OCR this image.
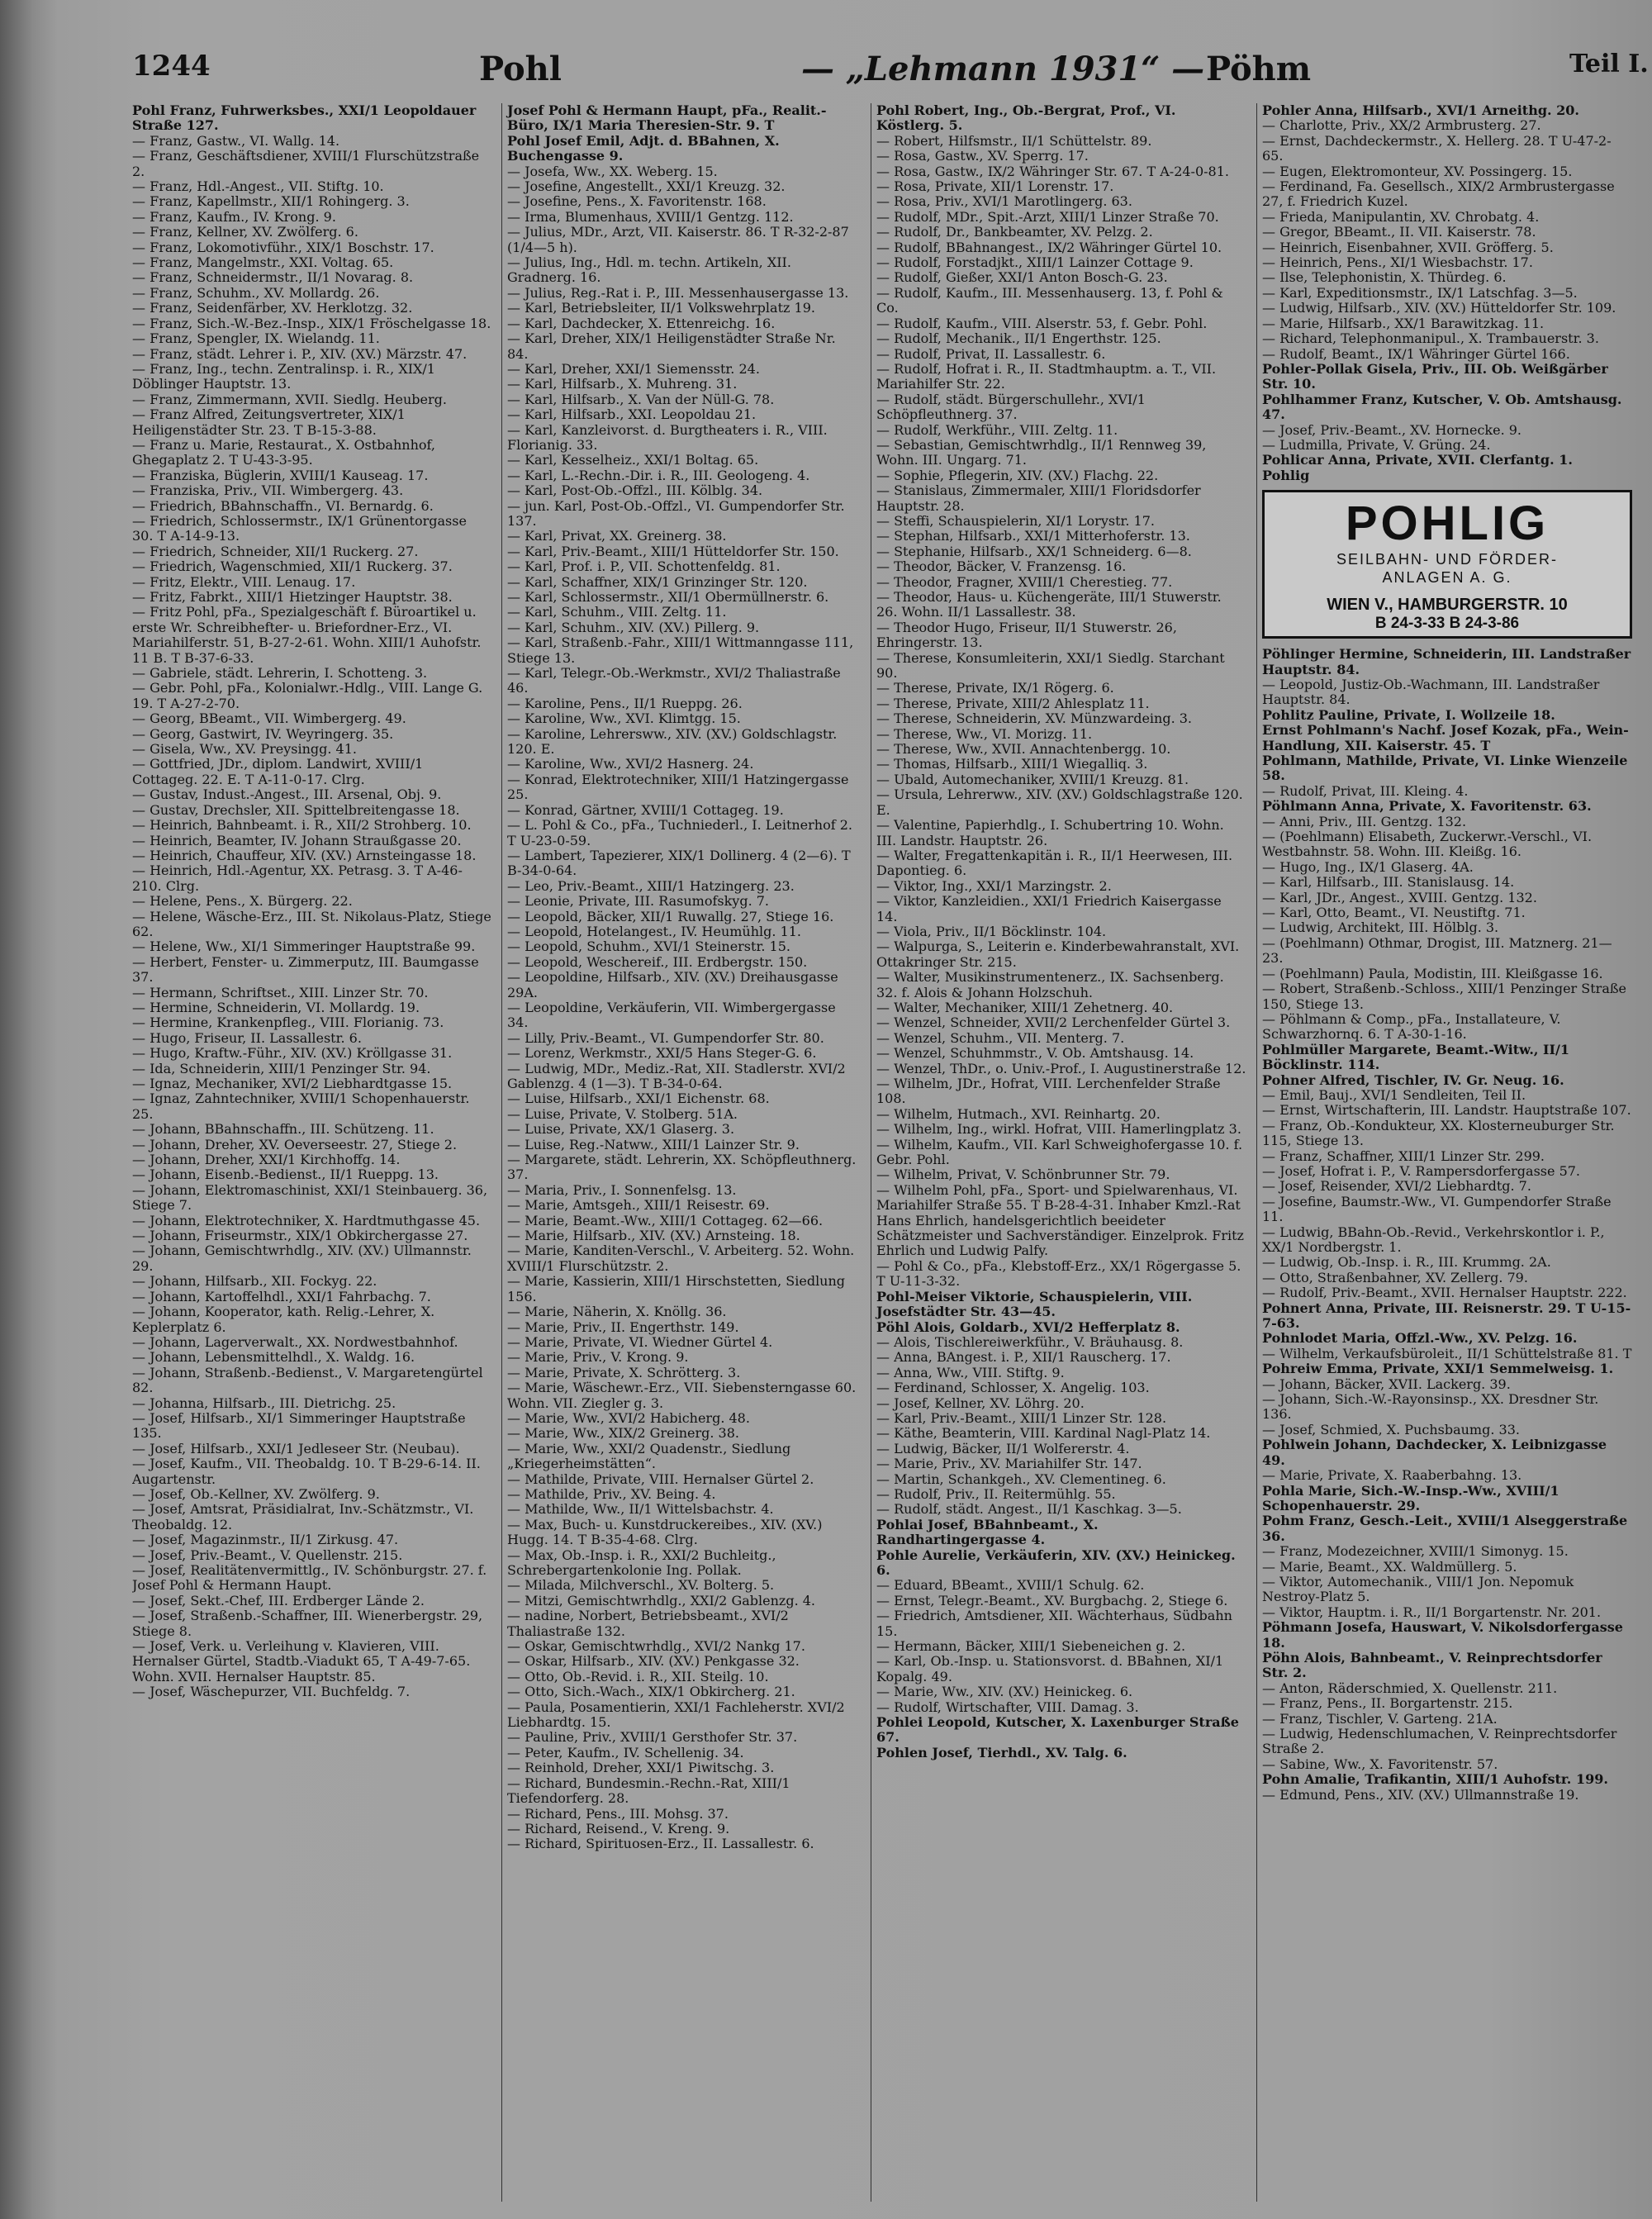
1244	Pohl	— „Lehmann 1931“ — Pöhm	Teil I.

Pohl Franz, Fuhrwerksbes., XXI/1 Leopoldauer Straße 127.

— Franz, Gastw., VI. Wallg. 14.

— Franz, Geschäftsdiener, XVIII/1 Flurschützstraße 2.

— Franz, Hdl.-Angest., VII. Stiftg. 10.

— Franz, Kapellmstr., XII/1 Rohingerg. 3.

— Franz, Kaufm., IV. Krong. 9.

— Franz, Kellner, XV. Zwölferg. 6.

— Franz, Lokomotivführ., XIX/1 Boschstr. 17.

— Franz, Mangelmstr., XXI. Voltag. 65.

— Franz, Schneidermstr., II/1 Novarag. 8.

— Franz, Schuhm., XV. Mollardg. 26.

— Franz, Seidenfärber, XV. Herklotzg. 32.

— Franz, Sich.-W.-Bez.-Insp., XIX/1 Fröschelgasse 18.

— Franz, Spengler, IX. Wielandg. 11.

— Franz, städt. Lehrer i. P., XIV. (XV.) Märzstr. 47.

— Franz, Ing., techn. Zentralinsp. i. R., XIX/1 Döblinger Hauptstr. 13.

— Franz, Zimmermann, XVII. Siedlg. Heuberg.

— Franz Alfred, Zeitungsvertreter, XIX/1 Heiligenstädter Str. 23. T B-15-3-88.

— Franz u. Marie, Restaurat., X. Ostbahnhof, Ghegaplatz 2. T U-43-3-95.

— Franziska, Büglerin, XVIII/1 Kauseag. 17.

— Franziska, Priv., VII. Wimbergerg. 43.

— Friedrich, BBahnschaffn., VI. Bernardg. 6.

— Friedrich, Schlossermstr., IX/1 Grünentorgasse 30. T A-14-9-13.

— Friedrich, Schneider, XII/1 Ruckerg. 27.

— Friedrich, Wagenschmied, XII/1 Ruckerg. 37.

— Fritz, Elektr., VIII. Lenaug. 17.

— Fritz, Fabrkt., XIII/1 Hietzinger Hauptstr. 38.

— Fritz Pohl, pFa., Spezialgeschäft f. Büroartikel u. erste Wr. Schreibhefter- u. Briefordner-Erz., VI. Mariahilferstr. 51, B-27-2-61. Wohn. XIII/1 Auhofstr. 11 B. T B-37-6-33.

— Gabriele, städt. Lehrerin, I. Schotteng. 3.

— Gebr. Pohl, pFa., Kolonialwr.-Hdlg., VIII. Lange G. 19. T A-27-2-70.

— Georg, BBeamt., VII. Wimbergerg. 49.

— Georg, Gastwirt, IV. Weyringerg. 35.

— Gisela, Ww., XV. Preysingg. 41.

— Gottfried, JDr., diplom. Landwirt, XVIII/1 Cottageg. 22. E. T A-11-0-17. Clrg.

— Gustav, Indust.-Angest., III. Arsenal, Obj. 9.

— Gustav, Drechsler, XII. Spittelbreitengasse 18.

— Heinrich, Bahnbeamt. i. R., XII/2 Strohberg. 10.

— Heinrich, Beamter, IV. Johann Straußgasse 20.

— Heinrich, Chauffeur, XIV. (XV.) Arnsteingasse 18.

— Heinrich, Hdl.-Agentur, XX. Petrasg. 3. T A-46-210. Clrg.

— Helene, Pens., X. Bürgerg. 22.

— Helene, Wäsche-Erz., III. St. Nikolaus-Platz, Stiege 62.

— Helene, Ww., XI/1 Simmeringer Hauptstraße 99.

— Herbert, Fenster- u. Zimmerputz, III. Baumgasse 37.

— Hermann, Schriftset., XIII. Linzer Str. 70.

— Hermine, Schneiderin, VI. Mollardg. 19.

— Hermine, Krankenpfleg., VIII. Florianig. 73.

— Hugo, Friseur, II. Lassallestr. 6.

— Hugo, Kraftw.-Führ., XIV. (XV.) Kröllgasse 31.

— Ida, Schneiderin, XIII/1 Penzinger Str. 94.

— Ignaz, Mechaniker, XVI/2 Liebhardtgasse 15.

— Ignaz, Zahntechniker, XVIII/1 Schopenhauerstr. 25.

— Johann, BBahnschaffn., III. Schützeng. 11.

— Johann, Dreher, XV. Oeverseestr. 27, Stiege 2.

— Johann, Dreher, XXI/1 Kirchhoffg. 14.

— Johann, Eisenb.-Bedienst., II/1 Rueppg. 13.

— Johann, Elektromaschinist, XXI/1 Steinbauerg. 36, Stiege 7.

— Johann, Elektrotechniker, X. Hardtmuthgasse 45.

— Johann, Friseurmstr., XIX/1 Obkirchergasse 27.

— Johann, Gemischtwrhdlg., XIV. (XV.) Ullmannstr. 29.

— Johann, Hilfsarb., XII. Fockyg. 22.

— Johann, Kartoffelhdl., XXI/1 Fahrbachg. 7.

— Johann, Kooperator, kath. Relig.-Lehrer, X. Keplerplatz 6.

— Johann, Lagerverwalt., XX. Nordwestbahnhof.

— Johann, Lebensmittelhdl., X. Waldg. 16.

— Johann, Straßenb.-Bedienst., V. Margaretengürtel 82.

— Johanna, Hilfsarb., III. Dietrichg. 25.

— Josef, Hilfsarb., XI/1 Simmeringer Hauptstraße 135.

— Josef, Hilfsarb., XXI/1 Jedleseer Str. (Neubau).

— Josef, Kaufm., VII. Theobaldg. 10. T B-29-6-14. II. Augartenstr.

— Josef, Ob.-Kellner, XV. Zwölferg. 9.

— Josef, Amtsrat, Präsidialrat, Inv.-Schätzmstr., VI. Theobaldg. 12.

— Josef, Magazinmstr., II/1 Zirkusg. 47.

— Josef, Priv.-Beamt., V. Quellenstr. 215.

— Josef, Realitätenvermittlg., IV. Schönburgstr. 27. f. Josef Pohl & Hermann Haupt.

— Josef, Sekt.-Chef, III. Erdberger Lände 2.

— Josef, Straßenb.-Schaffner, III. Wienerbergstr. 29, Stiege 8.

— Josef, Verk. u. Verleihung v. Klavieren, VIII. Hernalser Gürtel, Stadtb.-Viadukt 65, T A-49-7-65. Wohn. XVII. Hernalser Hauptstr. 85.

— Josef, Wäschepurzer, VII. Buchfeldg. 7.

Josef Pohl & Hermann Haupt, pFa., Realit.-Büro, IX/1 Maria Theresien-Str. 9. T

Pohl Josef Emil, Adjt. d. BBahnen, X. Buchengasse 9.

— Josefa, Ww., XX. Weberg. 15.

— Josefine, Angestellt., XXI/1 Kreuzg. 32.

— Josefine, Pens., X. Favoritenstr. 168.

— Irma, Blumenhaus, XVIII/1 Gentzg. 112.

— Julius, MDr., Arzt, VII. Kaiserstr. 86. T R-32-2-87 (1/4—5 h).

— Julius, Ing., Hdl. m. techn. Artikeln, XII. Gradnerg. 16.

— Julius, Reg.-Rat i. P., III. Messenhausergasse 13.

— Karl, Betriebsleiter, II/1 Volkswehrplatz 19.

— Karl, Dachdecker, X. Ettenreichg. 16.

— Karl, Dreher, XIX/1 Heiligenstädter Straße Nr. 84.

— Karl, Dreher, XXI/1 Siemensstr. 24.

— Karl, Hilfsarb., X. Muhreng. 31.

— Karl, Hilfsarb., X. Van der Nüll-G. 78.

— Karl, Hilfsarb., XXI. Leopoldau 21.

— Karl, Kanzleivorst. d. Burgtheaters i. R., VIII. Florianig. 33.

— Karl, Kesselheiz., XXI/1 Boltag. 65.

— Karl, L.-Rechn.-Dir. i. R., III. Geologeng. 4.

— Karl, Post-Ob.-Offzl., III. Kölblg. 34.

— jun. Karl, Post-Ob.-Offzl., VI. Gumpendorfer Str. 137.

— Karl, Privat, XX. Greinerg. 38.

— Karl, Priv.-Beamt., XIII/1 Hütteldorfer Str. 150.

— Karl, Prof. i. P., VII. Schottenfeldg. 81.

— Karl, Schaffner, XIX/1 Grinzinger Str. 120.

— Karl, Schlossermstr., XII/1 Obermüllnerstr. 6.

— Karl, Schuhm., VIII. Zeltg. 11.

— Karl, Schuhm., XIV. (XV.) Pillerg. 9.

— Karl, Straßenb.-Fahr., XIII/1 Wittmanngasse 111, Stiege 13.

— Karl, Telegr.-Ob.-Werkmstr., XVI/2 Thaliastraße 46.

— Karoline, Pens., II/1 Rueppg. 26.

— Karoline, Ww., XVI. Klimtgg. 15.

— Karoline, Lehrersww., XIV. (XV.) Goldschlagstr. 120. E.

— Karoline, Ww., XVI/2 Hasnerg. 24.

— Konrad, Elektrotechniker, XIII/1 Hatzingergasse 25.

— Konrad, Gärtner, XVIII/1 Cottageg. 19.

— L. Pohl & Co., pFa., Tuchniederl., I. Leitnerhof 2. T U-23-0-59.

— Lambert, Tapezierer, XIX/1 Dollinerg. 4 (2—6). T B-34-0-64.

— Leo, Priv.-Beamt., XIII/1 Hatzingerg. 23.

— Leonie, Private, III. Rasumofskyg. 7.

— Leopold, Bäcker, XII/1 Ruwallg. 27, Stiege 16.

— Leopold, Hotelangest., IV. Heumühlg. 11.

— Leopold, Schuhm., XVI/1 Steinerstr. 15.

— Leopold, Weschereif., III. Erdbergstr. 150.

— Leopoldine, Hilfsarb., XIV. (XV.) Dreihausgasse 29A.

— Leopoldine, Verkäuferin, VII. Wimbergergasse 34.

— Lilly, Priv.-Beamt., VI. Gumpendorfer Str. 80.

— Lorenz, Werkmstr., XXI/5 Hans Steger-G. 6.

— Ludwig, MDr., Mediz.-Rat, XII. Stadlerstr. XVI/2 Gablenzg. 4 (1—3). T B-34-0-64.

— Luise, Hilfsarb., XXI/1 Eichenstr. 68.

— Luise, Private, V. Stolberg. 51A.

— Luise, Private, XX/1 Glaserg. 3.

— Luise, Reg.-Natww., XIII/1 Lainzer Str. 9.

— Margarete, städt. Lehrerin, XX. Schöpfleuthnerg. 37.

— Maria, Priv., I. Sonnenfelsg. 13.

— Marie, Amtsgeh., XIII/1 Reisestr. 69.

— Marie, Beamt.-Ww., XIII/1 Cottageg. 62—66.

— Marie, Hilfsarb., XIV. (XV.) Arnsteing. 18.

— Marie, Kanditen-Verschl., V. Arbeiterg. 52. Wohn. XVIII/1 Flurschützstr. 2.

— Marie, Kassierin, XIII/1 Hirschstetten, Siedlung 156.

— Marie, Näherin, X. Knöllg. 36.

— Marie, Priv., II. Engerthstr. 149.

— Marie, Private, VI. Wiedner Gürtel 4.

— Marie, Priv., V. Krong. 9.

— Marie, Private, X. Schrötterg. 3.

— Marie, Wäschewr.-Erz., VII. Siebensterngasse 60. Wohn. VII. Ziegler g. 3.

— Marie, Ww., XVI/2 Habicherg. 48.

— Marie, Ww., XIX/2 Greinerg. 38.

— Marie, Ww., XXI/2 Quadenstr., Siedlung „Kriegerheimstätten“.

— Mathilde, Private, VIII. Hernalser Gürtel 2.

— Mathilde, Priv., XV. Being. 4.

— Mathilde, Ww., II/1 Wittelsbachstr. 4.

— Max, Buch- u. Kunstdruckereibes., XIV. (XV.) Hugg. 14. T B-35-4-68. Clrg.

— Max, Ob.-Insp. i. R., XXI/2 Buchleitg., Schrebergartenkolonie Ing. Pollak.

— Milada, Milchverschl., XV. Bolterg. 5.

— Mitzi, Gemischtwrhdlg., XXI/2 Gablenzg. 4.

— nadine, Norbert, Betriebsbeamt., XVI/2 Thaliastraße 132.

— Oskar, Gemischtwrhdlg., XVI/2 Nankg 17.

— Oskar, Hilfsarb., XIV. (XV.) Penkgasse 32.

— Otto, Ob.-Revid. i. R., XII. Steilg. 10.

— Otto, Sich.-Wach., XIX/1 Obkircherg. 21.

— Paula, Posamentierin, XXI/1 Fachleherstr. XVI/2 Liebhardtg. 15.

— Pauline, Priv., XVIII/1 Gersthofer Str. 37.

— Peter, Kaufm., IV. Schellenig. 34.

— Reinhold, Dreher, XXI/1 Piwitschg. 3.

— Richard, Bundesmin.-Rechn.-Rat, XIII/1 Tiefendorferg. 28.

— Richard, Pens., III. Mohsg. 37.

— Richard, Reisend., V. Kreng. 9.

— Richard, Spirituosen-Erz., II. Lassallestr. 6.

Pohl Robert, Ing., Ob.-Bergrat, Prof., VI. Köstlerg. 5.

— Robert, Hilfsmstr., II/1 Schüttelstr. 89.

— Rosa, Gastw., XV. Sperrg. 17.

— Rosa, Gastw., IX/2 Währinger Str. 67. T A-24-0-81.

— Rosa, Private, XII/1 Lorenstr. 17.

— Rosa, Priv., XVI/1 Marotlingerg. 63.

— Rudolf, MDr., Spit.-Arzt, XIII/1 Linzer Straße 70.

— Rudolf, Dr., Bankbeamter, XV. Pelzg. 2.

— Rudolf, BBahnangest., IX/2 Währinger Gürtel 10.

— Rudolf, Forstadjkt., XIII/1 Lainzer Cottage 9.

— Rudolf, Gießer, XXI/1 Anton Bosch-G. 23.

— Rudolf, Kaufm., III. Messenhauserg. 13, f. Pohl & Co.

— Rudolf, Kaufm., VIII. Alserstr. 53, f. Gebr. Pohl.

— Rudolf, Mechanik., II/1 Engerthstr. 125.

— Rudolf, Privat, II. Lassallestr. 6.

— Rudolf, Hofrat i. R., II. Stadtmhauptm. a. T., VII. Mariahilfer Str. 22.

— Rudolf, städt. Bürgerschullehr., XVI/1 Schöpfleuthnerg. 37.

— Rudolf, Werkführ., VIII. Zeltg. 11.

— Sebastian, Gemischtwrhdlg., II/1 Rennweg 39, Wohn. III. Ungarg. 71.

— Sophie, Pflegerin, XIV. (XV.) Flachg. 22.

— Stanislaus, Zimmermaler, XIII/1 Floridsdorfer Hauptstr. 28.

— Steffi, Schauspielerin, XI/1 Lorystr. 17.

— Stephan, Hilfsarb., XXI/1 Mitterhoferstr. 13.

— Stephanie, Hilfsarb., XX/1 Schneiderg. 6—8.

— Theodor, Bäcker, V. Franzensg. 16.

— Theodor, Fragner, XVIII/1 Cherestieg. 77.

— Theodor, Haus- u. Küchengeräte, III/1 Stuwerstr. 26. Wohn. II/1 Lassallestr. 38.

— Theodor Hugo, Friseur, II/1 Stuwerstr. 26, Ehringerstr. 13.

— Therese, Konsumleiterin, XXI/1 Siedlg. Starchant 90.

— Therese, Private, IX/1 Rögerg. 6.

— Therese, Private, XIII/2 Ahlesplatz 11.

— Therese, Schneiderin, XV. Münzwardeing. 3.

— Therese, Ww., VI. Morizg. 11.

— Therese, Ww., XVII. Annachtenbergg. 10.

— Thomas, Hilfsarb., XIII/1 Wiegalliq. 3.

— Ubald, Automechaniker, XVIII/1 Kreuzg. 81.

— Ursula, Lehrerww., XIV. (XV.) Goldschlagstraße 120. E.

— Valentine, Papierhdlg., I. Schubertring 10. Wohn. III. Landstr. Hauptstr. 26.

— Walter, Fregattenkapitän i. R., II/1 Heerwesen, III. Dapontieg. 6.

— Viktor, Ing., XXI/1 Marzingstr. 2.

— Viktor, Kanzleidien., XXI/1 Friedrich Kaisergasse 14.

— Viola, Priv., II/1 Böcklinstr. 104.

— Walpurga, S., Leiterin e. Kinderbewahranstalt, XVI. Ottakringer Str. 215.

— Walter, Musikinstrumentenerz., IX. Sachsenberg. 32. f. Alois & Johann Holzschuh.

— Walter, Mechaniker, XIII/1 Zehetnerg. 40.

— Wenzel, Schneider, XVII/2 Lerchenfelder Gürtel 3.

— Wenzel, Schuhm., VII. Menterg. 7.

— Wenzel, Schuhmmstr., V. Ob. Amtshausg. 14.

— Wenzel, ThDr., o. Univ.-Prof., I. Augustinerstraße 12.

— Wilhelm, JDr., Hofrat, VIII. Lerchenfelder Straße 108.

— Wilhelm, Hutmach., XVI. Reinhartg. 20.

— Wilhelm, Ing., wirkl. Hofrat, VIII. Hamerlingplatz 3.

— Wilhelm, Kaufm., VII. Karl Schweighofergasse 10. f. Gebr. Pohl.

— Wilhelm, Privat, V. Schönbrunner Str. 79.

— Wilhelm Pohl, pFa., Sport- und Spielwarenhaus, VI. Mariahilfer Straße 55. T B-28-4-31. Inhaber Kmzl.-Rat Hans Ehrlich, handelsgerichtlich beeideter Schätzmeister und Sachverständiger. Einzelprok. Fritz Ehrlich und Ludwig Palfy.

— Pohl & Co., pFa., Klebstoff-Erz., XX/1 Rögergasse 5. T U-11-3-32.

Pohl-Meiser Viktorie, Schauspielerin, VIII. Josefstädter Str. 43—45.

Pöhl Alois, Goldarb., XVI/2 Hefferplatz 8.

— Alois, Tischlereiwerkführ., V. Bräuhausg. 8.

— Anna, BAngest. i. P., XII/1 Rauscherg. 17.

— Anna, Ww., VIII. Stiftg. 9.

— Ferdinand, Schlosser, X. Angelig. 103.

— Josef, Kellner, XV. Löhrg. 20.

— Karl, Priv.-Beamt., XIII/1 Linzer Str. 128.

— Käthe, Beamterin, VIII. Kardinal Nagl-Platz 14.

— Ludwig, Bäcker, II/1 Wolfererstr. 4.

— Marie, Priv., XV. Mariahilfer Str. 147.

— Martin, Schankgeh., XV. Clementineg. 6.

— Rudolf, Priv., II. Reitermühlg. 55.

— Rudolf, städt. Angest., II/1 Kaschkag. 3—5.

Pohlai Josef, BBahnbeamt., X. Randhartingergasse 4.

Pohle Aurelie, Verkäuferin, XIV. (XV.) Heinickeg. 6.

— Eduard, BBeamt., XVIII/1 Schulg. 62.

— Ernst, Telegr.-Beamt., XV. Burgbachg. 2, Stiege 6.

— Friedrich, Amtsdiener, XII. Wächterhaus, Südbahn 15.

— Hermann, Bäcker, XIII/1 Siebeneichen g. 2.

— Karl, Ob.-Insp. u. Stationsvorst. d. BBahnen, XI/1 Kopalg. 49.

— Marie, Ww., XIV. (XV.) Heinickeg. 6.

— Rudolf, Wirtschafter, VIII. Damag. 3.

Pohlei Leopold, Kutscher, X. Laxenburger Straße 67.

Pohlen Josef, Tierhdl., XV. Talg. 6.

Pohler Anna, Hilfsarb., XVI/1 Arneithg. 20.

— Charlotte, Priv., XX/2 Armbrusterg. 27.

— Ernst, Dachdeckermstr., X. Hellerg. 28. T U-47-2-65.

— Eugen, Elektromonteur, XV. Possingerg. 15.

— Ferdinand, Fa. Gesellsch., XIX/2 Armbrustergasse 27, f. Friedrich Kuzel.

— Frieda, Manipulantin, XV. Chrobatg. 4.

— Gregor, BBeamt., II. VII. Kaiserstr. 78.

— Heinrich, Eisenbahner, XVII. Gröfferg. 5.

— Heinrich, Pens., XI/1 Wiesbachstr. 17.

— Ilse, Telephonistin, X. Thürdeg. 6.

— Karl, Expeditionsmstr., IX/1 Latschfag. 3—5.

— Ludwig, Hilfsarb., XIV. (XV.) Hütteldorfer Str. 109.

— Marie, Hilfsarb., XX/1 Barawitzkag. 11.

— Richard, Telephonmanipul., X. Trambauerstr. 3.

— Rudolf, Beamt., IX/1 Währinger Gürtel 166.

Pohler-Pollak Gisela, Priv., III. Ob. Weißgärber Str. 10.

Pohlhammer Franz, Kutscher, V. Ob. Amtshausg. 47.

— Josef, Priv.-Beamt., XV. Hornecke. 9.

— Ludmilla, Private, V. Grüng. 24.

Pohlicar Anna, Private, XVII. Clerfantg. 1.

Pohlig

POHLIG
SEILBAHN- UND FÖRDER-
ANLAGEN A. G.
WIEN V., HAMBURGERSTR. 10
B 24-3-33 B 24-3-86

Pöhlinger Hermine, Schneiderin, III. Landstraßer Hauptstr. 84.

— Leopold, Justiz-Ob.-Wachmann, III. Landstraßer Hauptstr. 84.

Pohlitz Pauline, Private, I. Wollzeile 18.

Ernst Pohlmann's Nachf. Josef Kozak, pFa., Wein-Handlung, XII. Kaiserstr. 45. T

Pohlmann, Mathilde, Private, VI. Linke Wienzeile 58.

— Rudolf, Privat, III. Kleing. 4.

Pöhlmann Anna, Private, X. Favoritenstr. 63.

— Anni, Priv., III. Gentzg. 132.

— (Poehlmann) Elisabeth, Zuckerwr.-Verschl., VI. Westbahnstr. 58. Wohn. III. Kleißg. 16.

— Hugo, Ing., IX/1 Glaserg. 4A.

— Karl, Hilfsarb., III. Stanislausg. 14.

— Karl, JDr., Angest., XVIII. Gentzg. 132.

— Karl, Otto, Beamt., VI. Neustiftg. 71.

— Ludwig, Architekt, III. Hölblg. 3.

— (Poehlmann) Othmar, Drogist, III. Matznerg. 21—23.

— (Poehlmann) Paula, Modistin, III. Kleißgasse 16.

— Robert, Straßenb.-Schloss., XIII/1 Penzinger Straße 150, Stiege 13.

— Pöhlmann & Comp., pFa., Installateure, V. Schwarzhornq. 6. T A-30-1-16.

Pohlmüller Margarete, Beamt.-Witw., II/1 Böcklinstr. 114.

Pohner Alfred, Tischler, IV. Gr. Neug. 16.

— Emil, Bauj., XVI/1 Sendleiten, Teil II.

— Ernst, Wirtschafterin, III. Landstr. Hauptstraße 107.

— Franz, Ob.-Kondukteur, XX. Klosterneuburger Str. 115, Stiege 13.

— Franz, Schaffner, XIII/1 Linzer Str. 299.

— Josef, Hofrat i. P., V. Rampersdorfergasse 57.

— Josef, Reisender, XVI/2 Liebhardtg. 7.

— Josefine, Baumstr.-Ww., VI. Gumpendorfer Straße 11.

— Ludwig, BBahn-Ob.-Revid., Verkehrskontlor i. P., XX/1 Nordbergstr. 1.

— Ludwig, Ob.-Insp. i. R., III. Krummg. 2A.

— Otto, Straßenbahner, XV. Zellerg. 79.

— Rudolf, Priv.-Beamt., XVII. Hernalser Hauptstr. 222.

Pohnert Anna, Private, III. Reisnerstr. 29. T U-15-7-63.

Pohnlodet Maria, Offzl.-Ww., XV. Pelzg. 16.

— Wilhelm, Verkaufsbüroleit., II/1 Schüttelstraße 81. T

Pohreiw Emma, Private, XXI/1 Semmelweisg. 1.

— Johann, Bäcker, XVII. Lackerg. 39.

— Johann, Sich.-W.-Rayonsinsp., XX. Dresdner Str. 136.

— Josef, Schmied, X. Puchsbaumg. 33.

Pohlwein Johann, Dachdecker, X. Leibnizgasse 49.

— Marie, Private, X. Raaberbahng. 13.

Pohla Marie, Sich.-W.-Insp.-Ww., XVIII/1 Schopenhauerstr. 29.

Pohm Franz, Gesch.-Leit., XVIII/1 Alseggerstraße 36.

— Franz, Modezeichner, XVIII/1 Simonyg. 15.

— Marie, Beamt., XX. Waldmüllerg. 5.

— Viktor, Automechanik., VIII/1 Jon. Nepomuk Nestroy-Platz 5.

— Viktor, Hauptm. i. R., II/1 Borgartenstr. Nr. 201.

Pöhmann Josefa, Hauswart, V. Nikolsdorfergasse 18.

Pöhn Alois, Bahnbeamt., V. Reinprechtsdorfer Str. 2.

— Anton, Räderschmied, X. Quellenstr. 211.

— Franz, Pens., II. Borgartenstr. 215.

— Franz, Tischler, V. Garteng. 21A.

— Ludwig, Hedenschlumachen, V. Reinprechtsdorfer Straße 2.

— Sabine, Ww., X. Favoritenstr. 57.

Pohn Amalie, Trafikantin, XIII/1 Auhofstr. 199.

— Edmund, Pens., XIV. (XV.) Ullmannstraße 19.
